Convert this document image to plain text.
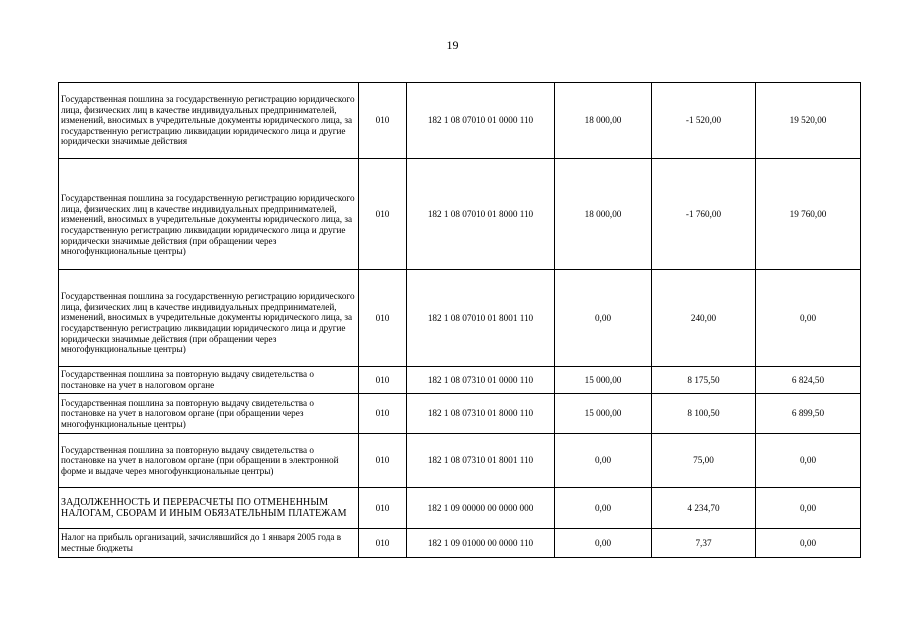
19
Государственная пошлина за государственную регистрацию юридического лица, физических лиц в качестве индивидуальных предпринимателей, изменений, вносимых в учредительные документы юридического лица, за государственную регистрацию ликвидации юридического лица и другие юридически значимые действия	010	182 1 08 07010 01 0000 110	18 000,00	-1 520,00	19 520,00
Государственная пошлина за государственную регистрацию юридического лица, физических лиц в качестве индивидуальных предпринимателей, изменений, вносимых в учредительные документы юридического лица, за государственную регистрацию ликвидации юридического лица и другие юридически значимые действия (при обращении через многофункциональные центры)	010	182 1 08 07010 01 8000 110	18 000,00	-1 760,00	19 760,00
Государственная пошлина за государственную регистрацию юридического лица, физических лиц в качестве индивидуальных предпринимателей, изменений, вносимых в учредительные документы юридического лица, за государственную регистрацию ликвидации юридического лица и другие юридически значимые действия (при обращении через многофункциональные центры)	010	182 1 08 07010 01 8001 110	0,00	240,00	0,00
Государственная пошлина за повторную выдачу свидетельства о постановке на учет в налоговом органе	010	182 1 08 07310 01 0000 110	15 000,00	8 175,50	6 824,50
Государственная пошлина за повторную выдачу свидетельства о постановке на учет в налоговом органе (при обращении через многофункциональные центры)	010	182 1 08 07310 01 8000 110	15 000,00	8 100,50	6 899,50
Государственная пошлина за повторную выдачу свидетельства о постановке на учет в налоговом органе (при обращении в электронной форме и выдаче через многофункциональные центры)	010	182 1 08 07310 01 8001 110	0,00	75,00	0,00
ЗАДОЛЖЕННОСТЬ И ПЕРЕРАСЧЕТЫ ПО ОТМЕНЕННЫМ НАЛОГАМ, СБОРАМ И ИНЫМ ОБЯЗАТЕЛЬНЫМ ПЛАТЕЖАМ	010	182 1 09 00000 00 0000 000	0,00	4 234,70	0,00
Налог на прибыль организаций, зачислявшийся до 1 января 2005 года в местные бюджеты	010	182 1 09 01000 00 0000 110	0,00	7,37	0,00
